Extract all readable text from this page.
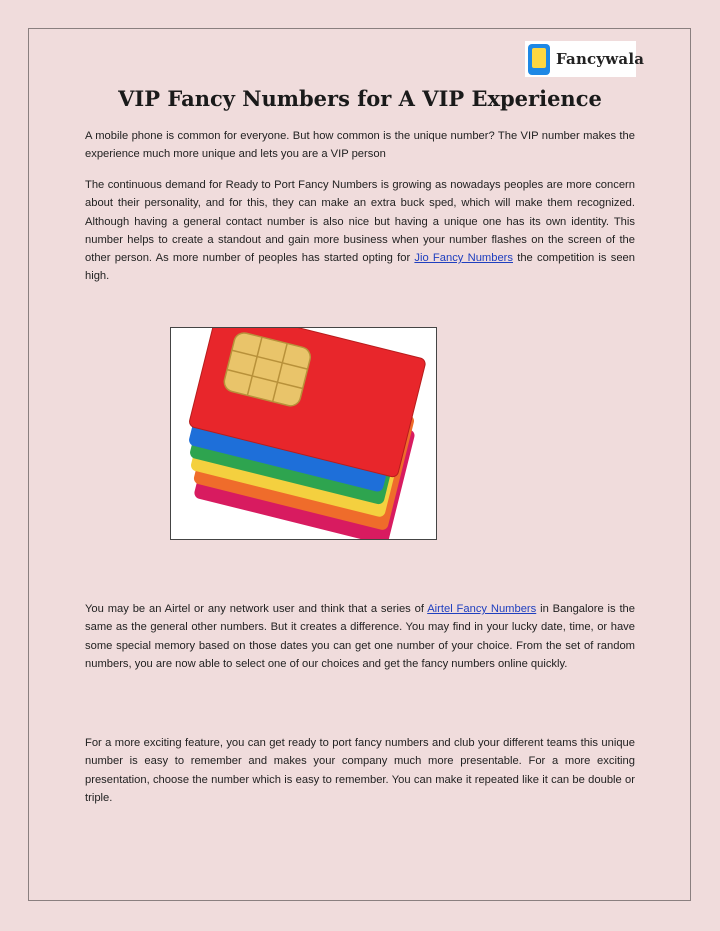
Fancywala
VIP Fancy Numbers for A VIP Experience

A mobile phone is common for everyone. But how common is the unique number? The VIP number makes the experience much more unique and lets you are a VIP person

The continuous demand for Ready to Port Fancy Numbers is growing as nowadays peoples are more concern about their personality, and for this, they can make an extra buck sped, which will make them recognized. Although having a general contact number is also nice but having a unique one has its own identity. This number helps to create a standout and gain more business when your number flashes on the screen of the other person. As more number of peoples has started opting for Jio Fancy Numbers the competition is seen high.

You may be an Airtel or any network user and think that a series of Airtel Fancy Numbers in Bangalore is the same as the general other numbers. But it creates a difference. You may find in your lucky date, time, or have some special memory based on those dates you can get one number of your choice. From the set of random numbers, you are now able to select one of our choices and get the fancy numbers online quickly.

For a more exciting feature, you can get ready to port fancy numbers and club your different teams this unique number is easy to remember and makes your company much more presentable. For a more exciting presentation, choose the number which is easy to remember. You can make it repeated like it can be double or triple.
